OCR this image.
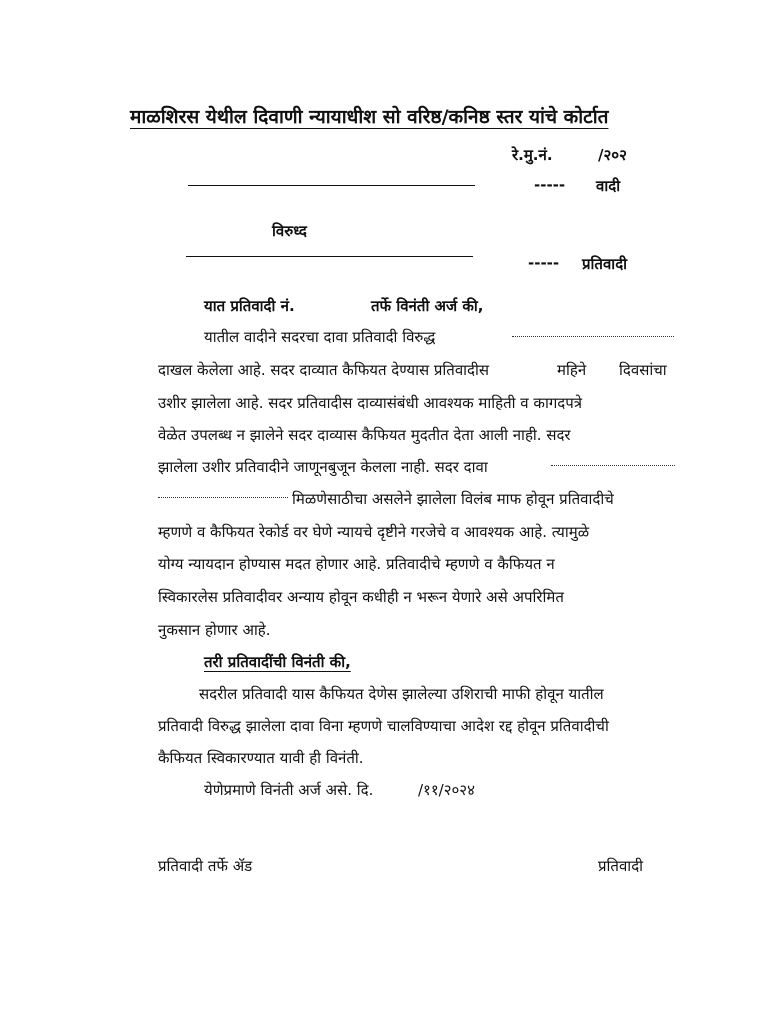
माळशिरस येथील दिवाणी न्यायाधीश सो वरिष्ठ/कनिष्ठ स्तर यांचे कोर्टात
रे.मु.नं.	/२०२
----- वादी
विरुध्द
----- प्रतिवादी
यात प्रतिवादी नं.	तर्फे विनंती अर्ज की,
यातील वादीने सदरचा दावा प्रतिवादी विरुद्ध
दाखल केलेला आहे. सदर दाव्यात कैफियत देण्यास प्रतिवादीस	महिने दिवसांचा
उशीर झालेला आहे. सदर प्रतिवादीस दाव्यासंबंधी आवश्यक माहिती व कागदपत्रे
वेळेत उपलब्ध न झालेने सदर दाव्यास कैफियत मुदतीत देता आली नाही. सदर
झालेला उशीर प्रतिवादीने जाणूनबुजून केलला नाही. सदर दावा
मिळणेसाठीचा असलेने झालेला विलंब माफ होवून प्रतिवादीचे
म्हणणे व कैफियत रेकोर्ड वर घेणे न्यायचे दृष्टीने गरजेचे व आवश्यक आहे. त्यामुळे
योग्य न्यायदान होण्यास मदत होणार आहे. प्रतिवादीचे म्हणणे व कैफियत न
स्विकारलेस प्रतिवादीवर अन्याय होवून कधीही न भरून येणारे असे अपरिमित
नुकसान होणार आहे.
तरी प्रतिवादींची विनंती की,
सदरील प्रतिवादी यास कैफियत देणेस झालेल्या उशिराची माफी होवून यातील
प्रतिवादी विरुद्ध झालेला दावा विना म्हणणे चालविण्याचा आदेश रद्द होवून प्रतिवादीची
कैफियत स्विकारण्यात यावी ही विनंती.
येणेप्रमाणे विनंती अर्ज असे. दि.	/११/२०२४
प्रतिवादी तर्फे ॲड	प्रतिवादी
